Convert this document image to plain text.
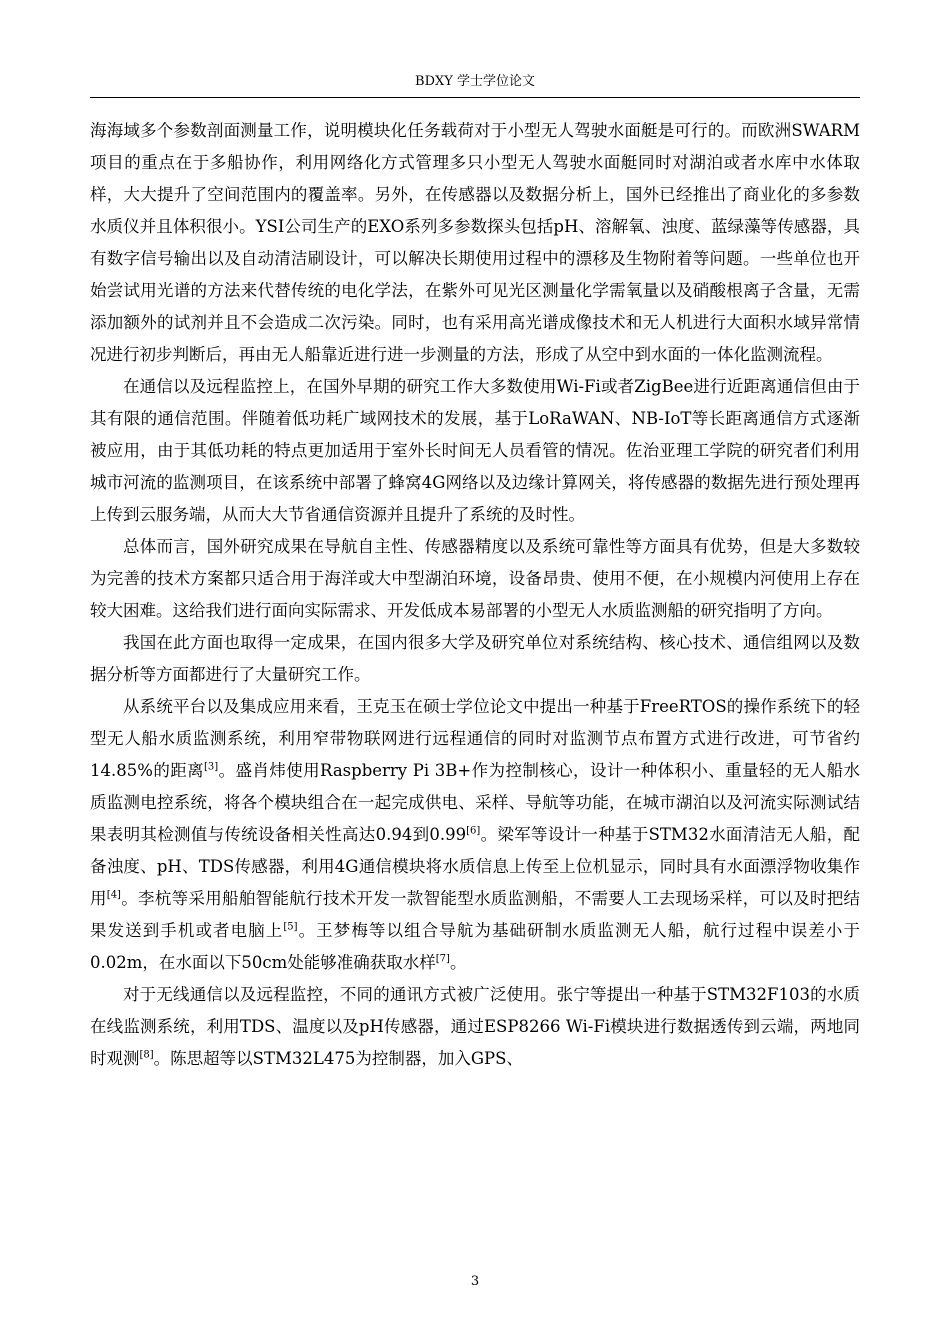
BDXY 学士学位论文

海海域多个参数剖面测量工作，说明模块化任务载荷对于小型无人驾驶水面艇是可行的。而欧洲SWARM项目的重点在于多船协作，利用网络化方式管理多只小型无人驾驶水面艇同时对湖泊或者水库中水体取样，大大提升了空间范围内的覆盖率。另外，在传感器以及数据分析上，国外已经推出了商业化的多参数水质仪并且体积很小。YSI公司生产的EXO系列多参数探头包括pH、溶解氧、浊度、蓝绿藻等传感器，具有数字信号输出以及自动清洁刷设计，可以解决长期使用过程中的漂移及生物附着等问题。一些单位也开始尝试用光谱的方法来代替传统的电化学法，在紫外可见光区测量化学需氧量以及硝酸根离子含量，无需添加额外的试剂并且不会造成二次污染。同时，也有采用高光谱成像技术和无人机进行大面积水域异常情况进行初步判断后，再由无人船靠近进行进一步测量的方法，形成了从空中到水面的一体化监测流程。

在通信以及远程监控上，在国外早期的研究工作大多数使用Wi-Fi或者ZigBee进行近距离通信但由于其有限的通信范围。伴随着低功耗广域网技术的发展，基于LoRaWAN、NB-IoT等长距离通信方式逐渐被应用，由于其低功耗的特点更加适用于室外长时间无人员看管的情况。佐治亚理工学院的研究者们利用城市河流的监测项目，在该系统中部署了蜂窝4G网络以及边缘计算网关，将传感器的数据先进行预处理再上传到云服务端，从而大大节省通信资源并且提升了系统的及时性。

总体而言，国外研究成果在导航自主性、传感器精度以及系统可靠性等方面具有优势，但是大多数较为完善的技术方案都只适合用于海洋或大中型湖泊环境，设备昂贵、使用不便，在小规模内河使用上存在较大困难。这给我们进行面向实际需求、开发低成本易部署的小型无人水质监测船的研究指明了方向。

我国在此方面也取得一定成果，在国内很多大学及研究单位对系统结构、核心技术、通信组网以及数据分析等方面都进行了大量研究工作。

从系统平台以及集成应用来看，王克玉在硕士学位论文中提出一种基于FreeRTOS的操作系统下的轻型无人船水质监测系统，利用窄带物联网进行远程通信的同时对监测节点布置方式进行改进，可节省约14.85%的距离[3]。盛肖炜使用Raspberry Pi 3B+作为控制核心，设计一种体积小、重量轻的无人船水质监测电控系统，将各个模块组合在一起完成供电、采样、导航等功能，在城市湖泊以及河流实际测试结果表明其检测值与传统设备相关性高达0.94到0.99[6]。梁军等设计一种基于STM32水面清洁无人船，配备浊度、pH、TDS传感器，利用4G通信模块将水质信息上传至上位机显示，同时具有水面漂浮物收集作用[4]。李杭等采用船舶智能航行技术开发一款智能型水质监测船，不需要人工去现场采样，可以及时把结果发送到手机或者电脑上[5]。王梦梅等以组合导航为基础研制水质监测无人船，航行过程中误差小于0.02m，在水面以下50cm处能够准确获取水样[7]。

对于无线通信以及远程监控，不同的通讯方式被广泛使用。张宁等提出一种基于STM32F103的水质在线监测系统，利用TDS、温度以及pH传感器，通过ESP8266 Wi-Fi模块进行数据透传到云端，两地同时观测[8]。陈思超等以STM32L475为控制器，加入GPS、

3
